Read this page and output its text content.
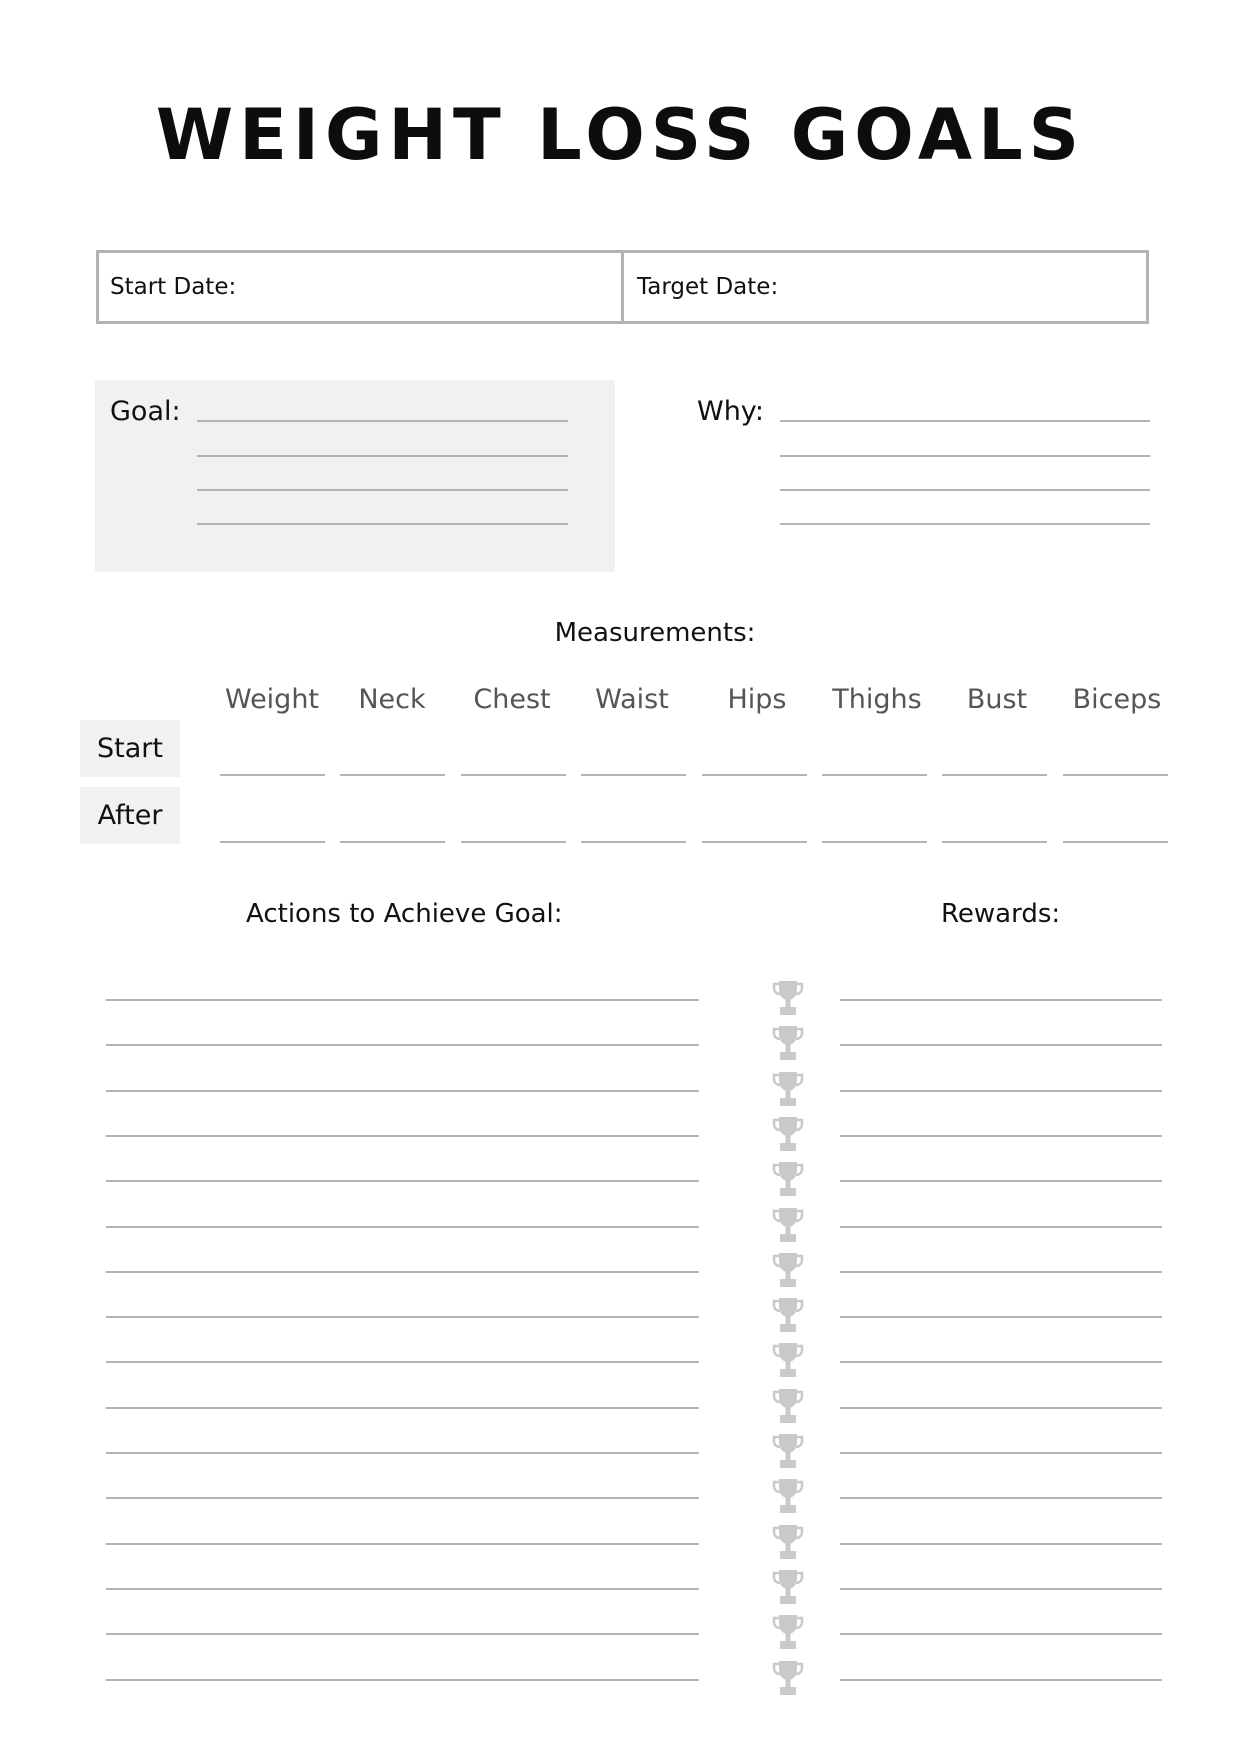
WEIGHT LOSS GOALS
Start Date:	Target Date:
Goal:	Why:
Measurements:
Weight	Neck	Chest	Waist	Hips	Thighs	Bust	Biceps
Start
After
Actions to Achieve Goal:	Rewards:
